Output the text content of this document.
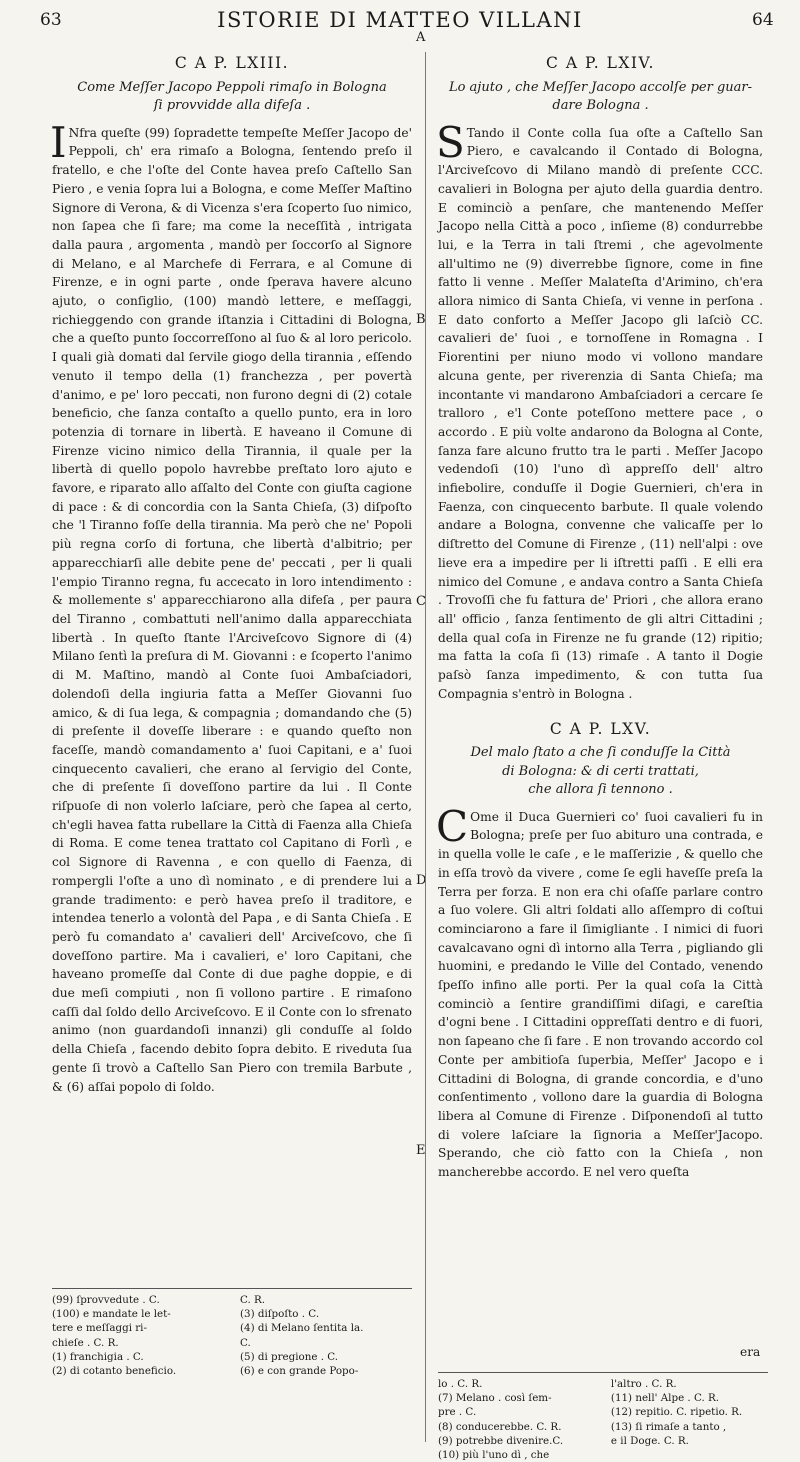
63	ISTORIE DI MATTEO VILLANI	64
A
B
C
D
E
C A P. LXIII.
Come Meſſer Jacopo Peppoli rimaſo in Bologna
ſi provvidde alla difeſa .

I Nfra queſte (99) ſopradette tempeſte Meſſer Jacopo de' Peppoli, ch' era rimaſo a Bologna, ſentendo preſo il fratello, e che l'oſte del Conte havea preſo Caſtello San Piero , e venia ſopra lui a Bologna, e come Meſſer Maſtino Signore di Verona, & di Vicenza s'era ſcoperto ſuo nimico, non ſapea che ſi fare; ma come la neceſſità , intrigata dalla paura , argomenta , mandò per ſoccorſo al Signore di Melano, e al Marchefe di Ferrara, e al Comune di Firenze, e in ogni parte , onde ſperava havere alcuno ajuto, o conſiglio, (100) mandò lettere, e meſſaggi, richieggendo con grande iſtanzia i Cittadini di Bologna, che a queſto punto ſoccorreſſono al ſuo & al loro pericolo. I quali già domati dal ſervile giogo della tirannia , eſſendo venuto il tempo della (1) franchezza , per povertà d'animo, e pe' loro peccati, non furono degni di (2) cotale beneficio, che ſanza contaſto a quello punto, era in loro potenzia di tornare in libertà. E haveano il Comune di Firenze vicino nimico della Tirannia, il quale per la libertà di quello popolo havrebbe preſtato loro ajuto e favore, e riparato allo aſſalto del Conte con giuſta cagione di pace : & di concordia con la Santa Chieſa, (3) diſpoſto che 'l Tiranno foſſe della tirannia. Ma però che ne' Popoli più regna corſo di fortuna, che libertà d'albitrio; per apparecchiarſi alle debite pene de' peccati , per li quali l'empio Tiranno regna, fu accecato in loro intendimento : & mollemente s' apparecchiarono alla difeſa , per paura del Tiranno , combattuti nell'animo dalla apparecchiata libertà . In queſto ſtante l'Arciveſcovo Signore di (4) Milano ſentì la preſura di M. Giovanni : e ſcoperto l'animo di M. Maſtino, mandò al Conte ſuoi Ambaſciadori, dolendoſi della ingiuria fatta a Meſſer Giovanni ſuo amico, & di ſua lega, & compagnia ; domandando che (5) di preſente il doveſſe liberare : e quando queſto non faceſſe, mandò comandamento a' ſuoi Capitani, e a' ſuoi cinquecento cavalieri, che erano al ſervigio del Conte, che di preſente ſi doveſſono partire da lui . Il Conte riſpuoſe di non volerlo laſciare, però che ſapea al certo, ch'egli havea fatta rubellare la Città di Faenza alla Chieſa di Roma. E come tenea trattato col Capitano di Forlì , e col Signore di Ravenna , e con quello di Faenza, di rompergli l'oſte a uno dì nominato , e di prendere lui a grande tradimento: e però havea preſo il traditore, e intendea tenerlo a volontà del Papa , e di Santa Chieſa . E però fu comandato a' cavalieri dell' Arciveſcovo, che ſi doveſſono partire. Ma i cavalieri, e' loro Capitani, che haveano promeſſe dal Conte di due paghe doppie, e di due meſi compiuti , non ſi vollono partire . E rimaſono caſſi dal ſoldo dello Arciveſcovo. E il Conte con lo sfrenato animo (non guardandoſi innanzi) gli conduſſe al ſoldo della Chieſa , facendo debito ſopra debito. E riveduta ſua gente ſi trovò a Caſtello San Piero con tremila Barbute , & (6) aſſai popolo di ſoldo.

C A P. LXIV.
Lo ajuto , che Meſſer Jacopo accolſe per guar-
dare Bologna .

S Tando il Conte colla ſua oſte a Caſtello San Piero, e cavalcando il Contado di Bologna, l'Arciveſcovo di Milano mandò di preſente CCC. cavalieri in Bologna per ajuto della guardia dentro. E cominciò a penſare, che mantenendo Meſſer Jacopo nella Città a poco , inſieme (8) condurrebbe lui, e la Terra in tali ſtremi , che agevolmente all'ultimo ne (9) diverrebbe ſignore, come in fine fatto li venne . Meſſer Malateſta d'Arimino, ch'era allora nimico di Santa Chieſa, vi venne in perſona . E dato conforto a Meſſer Jacopo gli laſciò CC. cavalieri de' ſuoi , e tornoſſene in Romagna . I Fiorentini per niuno modo vi vollono mandare alcuna gente, per riverenzia di Santa Chieſa; ma incontante vi mandarono Ambaſciadori a cercare ſe tralloro , e'l Conte poteſſono mettere pace , o accordo . E più volte andarono da Bologna al Conte, ſanza fare alcuno frutto tra le parti . Meſſer Jacopo vedendoſi (10) l'uno dì appreſſo dell' altro infiebolire, conduſſe il Dogie Guernieri, ch'era in Faenza, con cinquecento barbute. Il quale volendo andare a Bologna, convenne che valicaſſe per lo diſtretto del Comune di Firenze , (11) nell'alpi : ove lieve era a impedire per li iſtretti paſſi . E elli era nimico del Comune , e andava contro a Santa Chieſa . Trovoſſi che fu fattura de' Priori , che allora erano all' officio , ſanza ſentimento de gli altri Cittadini ; della qual coſa in Firenze ne fu grande (12) ripitio; ma fatta la coſa ſi (13) rimaſe . A tanto il Dogie paſsò ſanza impedimento, & con tutta ſua Compagnia s'entrò in Bologna .

C A P. LXV.
Del malo ſtato a che ſi conduſſe la Città
di Bologna: & di certi trattati,
che allora ſi tennono .

C Ome il Duca Guernieri co' ſuoi cavalieri fu in Bologna; preſe per ſuo abituro una contrada, e in quella volle le caſe , e le maſſerizie , & quello che in eſſa trovò da vivere , come ſe egli haveſſe preſa la Terra per forza. E non era chi oſaſſe parlare contro a ſuo volere. Gli altri ſoldati allo aſſempro di coſtui cominciarono a fare il ſimigliante . I nimici di fuori cavalcavano ogni dì intorno alla Terra , pigliando gli huomini, e predando le Ville del Contado, venendo ſpeſſo infino alle porti. Per la qual coſa la Città cominciò a ſentire grandiſſimi diſagi, e careſtia d'ogni bene . I Cittadini oppreſſati dentro e di fuori, non ſapeano che ſi fare . E non trovando accordo col Conte per ambitioſa ſuperbia, Meſſer' Jacopo e i Cittadini di Bologna, di grande concordia, e d'uno conſentimento , vollono dare la guardia di Bologna libera al Comune di Firenze . Diſponendoſi al tutto di volere laſciare la ſignoria a Meſſer'Jacopo. Sperando, che ciò fatto con la Chieſa , non mancherebbe accordo. E nel vero queſta

era
(99) ſprovvedute . C.	C. R.
(100) e mandate le let-	(3) diſpoſto . C.
tere e meſſaggi ri-	(4) di Melano ſentita la.
chieſe . C. R.	C.
(1) franchigia . C.	(5) di pregione . C.
(2) di cotanto beneficio.	(6) e con grande Popo-
lo . C. R.	l'altro . C. R.
(7) Melano . così ſem-	(11) nell' Alpe . C. R.
pre . C.	(12) repitio. C. ripetio. R.
(8) conducerebbe. C. R.	(13) ſi rimaſe a tanto ,
(9) potrebbe divenire.C.	e il Doge. C. R.
(10) più l'uno dì , che
